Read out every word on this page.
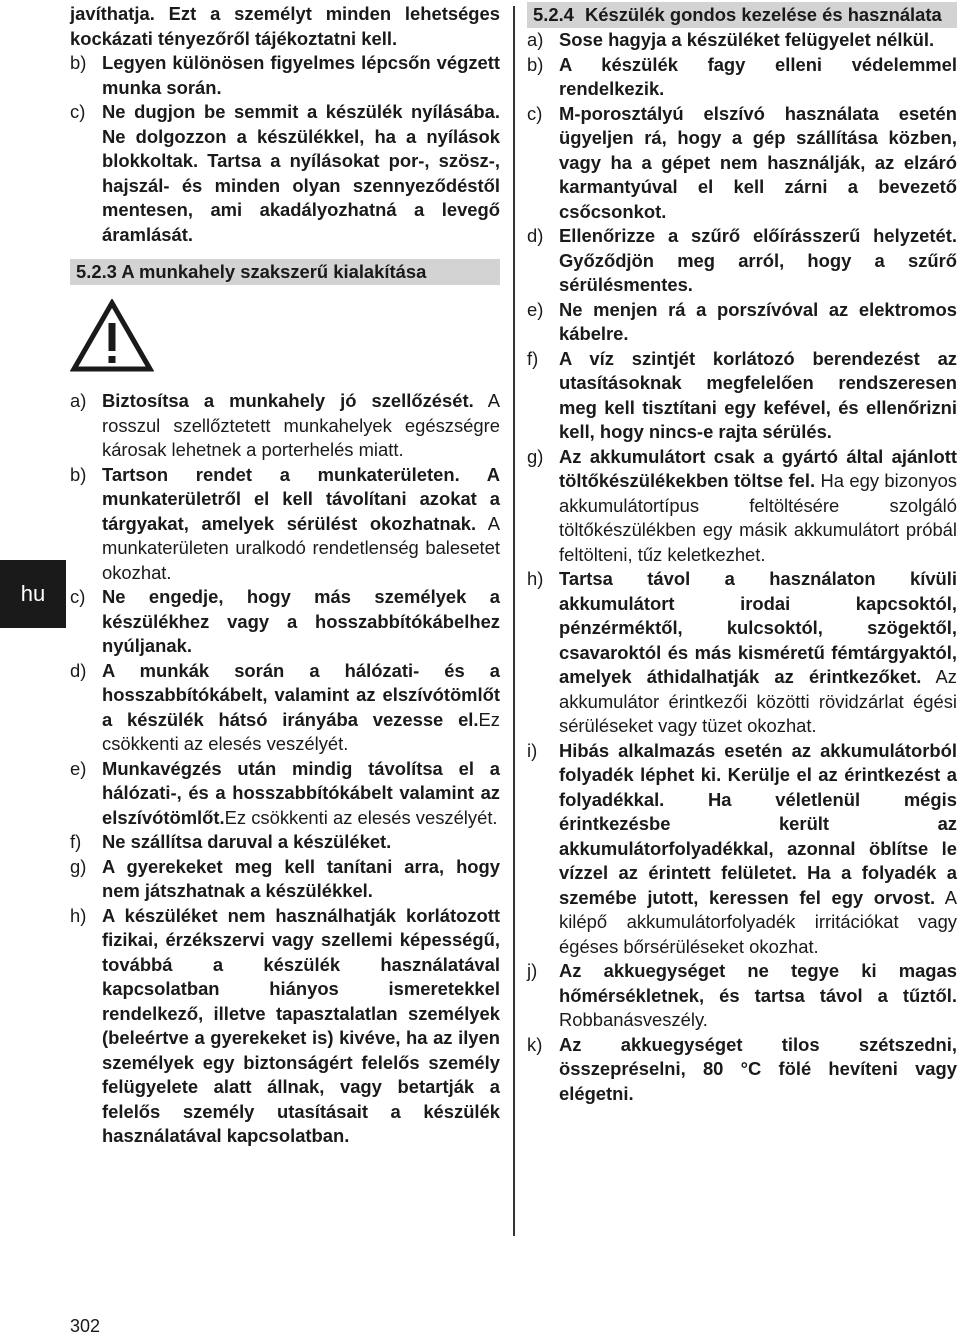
javíthatja. Ezt a személyt minden lehetséges kockázati tényezőről tájékoztatni kell.

b) Legyen különösen figyelmes lépcsőn végzett munka során.
c) Ne dugjon be semmit a készülék nyílásába. Ne dolgozzon a készülékkel, ha a nyílások blokkoltak. Tartsa a nyílásokat por-, szösz-, hajszál- és minden olyan szennyeződéstől mentesen, ami akadályozhatná a levegő áramlását.
5.2.3 A munkahely szakszerű kialakítása
a) Biztosítsa a munkahely jó szellőzését. A rosszul szellőztetett munkahelyek egészségre károsak lehetnek a porterhelés miatt.
b) Tartson rendet a munkaterületen. A munkaterületről el kell távolítani azokat a tárgyakat, amelyek sérülést okozhatnak. A munkaterületen uralkodó rendetlenség balesetet okozhat.
c) Ne engedje, hogy más személyek a készülékhez vagy a hosszabbítókábelhez nyúljanak.
d) A munkák során a hálózati- és a hosszabbítókábelt, valamint az elszívótömlőt a készülék hátsó irányába vezesse el.Ez csökkenti az elesés veszélyét.
e) Munkavégzés után mindig távolítsa el a hálózati-, és a hosszabbítókábelt valamint az elszívótömlőt.Ez csökkenti az elesés veszélyét.
f)	Ne szállítsa daruval a készüléket.
g) A gyerekeket meg kell tanítani arra, hogy nem játszhatnak a készülékkel.
h) A készüléket nem használhatják korlátozott fizikai, érzékszervi vagy szellemi képességű, továbbá a készülék használatával kapcsolatban hiányos ismeretekkel rendelkező, illetve tapasztalatlan személyek (beleértve a gyerekeket is) kivéve, ha az ilyen személyek egy biztonságért felelős személy felügyelete alatt állnak, vagy betartják a felelős személy utasításait a készülék használatával kapcsolatban.
5.2.4 Készülék gondos kezelése és használata
a) Sose hagyja a készüléket felügyelet nélkül.
b) A készülék fagy elleni védelemmel rendelkezik.
c) M-porosztályú elszívó használata esetén ügyeljen rá, hogy a gép szállítása közben, vagy ha a gépet nem használják, az elzáró karmantyúval el kell zárni a bevezető csőcsonkot.
d) Ellenőrizze a szűrő előírásszerű helyzetét. Győződjön meg arról, hogy a szűrő sérülésmentes.
e) Ne menjen rá a porszívóval az elektromos kábelre.
f)	A víz szintjét korlátozó berendezést az utasításoknak megfelelően rendszeresen meg kell tisztítani egy kefével, és ellenőrizni kell, hogy nincs-e rajta sérülés.
g) Az akkumulátort csak a gyártó által ajánlott töltőkészülékekben töltse fel. Ha egy bizonyos akkumulátortípus feltöltésére szolgáló töltőkészülékben egy másik akkumulátort próbál feltölteni, tűz keletkezhet.
h) Tartsa távol a használaton kívüli akkumulátort irodai kapcsoktól, pénzérméktől, kulcsoktól, szögektől, csavaroktól és más kisméretű fémtárgyaktól, amelyek áthidalhatják az érintkezőket. Az akkumulátor érintkezői közötti rövidzárlat égési sérüléseket vagy tüzet okozhat.
i)	Hibás alkalmazás esetén az akkumulátorból folyadék léphet ki. Kerülje el az érintkezést a folyadékkal. Ha véletlenül mégis érintkezésbe került az akkumulátorfolyadékkal, azonnal öblítse le vízzel az érintett felületet. Ha a folyadék a szemébe jutott, keressen fel egy orvost. A kilépő akkumulátorfolyadék irritációkat vagy égéses bőrsérüléseket okozhat.
j)	Az akkuegységet ne tegye ki magas hőmérsékletnek, és tartsa távol a tűztől. Robbanásveszély.
k) Az akkuegységet tilos szétszedni, összepréselni, 80 °C fölé hevíteni vagy elégetni.
hu
302
